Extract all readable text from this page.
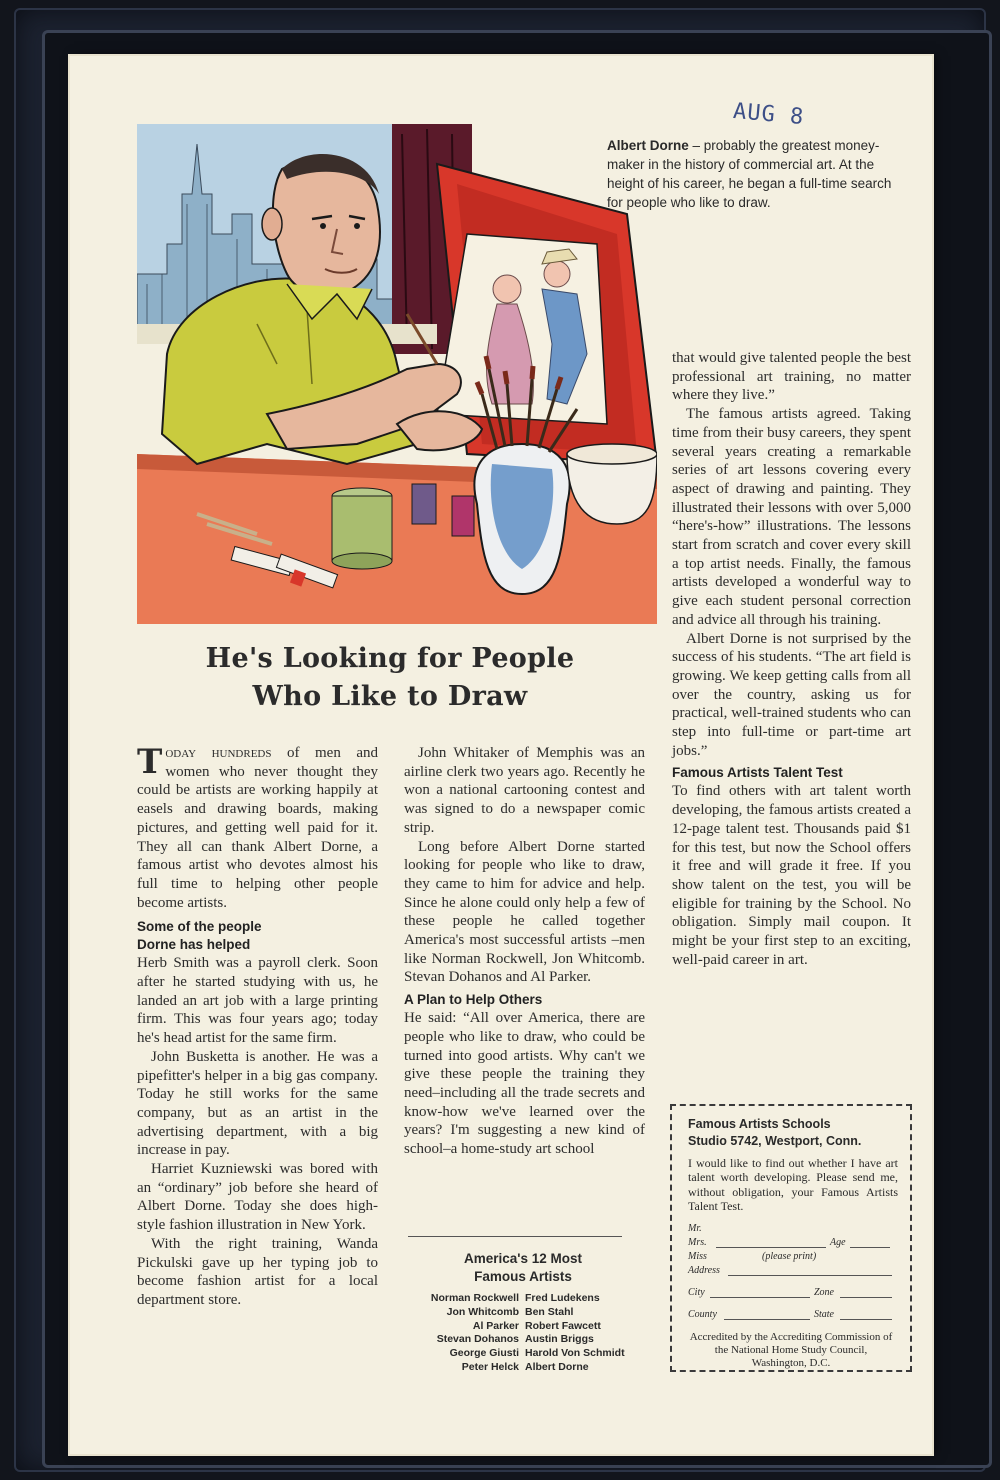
AUG 8
Albert Dorne – probably the greatest money-maker in the history of commercial art. At the height of his career, he began a full-time search for people who like to draw.
He's Looking for People
Who Like to Draw

Today hundreds of men and women who never thought they could be artists are working happily at easels and drawing boards, making pictures, and getting well paid for it. They all can thank Albert Dorne, a famous artist who devotes almost his full time to helping other people become artists.

Some of the people
Dorne has helped

Herb Smith was a payroll clerk. Soon after he started studying with us, he landed an art job with a large printing firm. This was four years ago; today he's head artist for the same firm.

John Busketta is another. He was a pipefitter's helper in a big gas company. Today he still works for the same company, but as an artist in the advertising department, with a big increase in pay.

Harriet Kuzniewski was bored with an “ordinary” job before she heard of Albert Dorne. Today she does high-style fashion illustration in New York.

With the right training, Wanda Pickulski gave up her typing job to become fashion artist for a local department store.

John Whitaker of Memphis was an airline clerk two years ago. Recently he won a national cartooning contest and was signed to do a newspaper comic strip.

Long before Albert Dorne started looking for people who like to draw, they came to him for advice and help. Since he alone could only help a few of these people he called together America's most successful artists –men like Norman Rockwell, Jon Whitcomb. Stevan Dohanos and Al Parker.

A Plan to Help Others

He said: “All over America, there are people who like to draw, who could be turned into good artists. Why can't we give these people the training they need–including all the trade secrets and know-how we've learned over the years? I'm suggesting a new kind of school–a home-study art school

America's 12 Most
Famous Artists
Norman Rockwell	Fred Ludekens
Jon Whitcomb	Ben Stahl
Al Parker	Robert Fawcett
Stevan Dohanos	Austin Briggs
George Giusti	Harold Von Schmidt
Peter Helck	Albert Dorne

that would give talented people the best professional art training, no matter where they live.”

The famous artists agreed. Taking time from their busy careers, they spent several years creating a remarkable series of art lessons covering every aspect of drawing and painting. They illustrated their lessons with over 5,000 “here's-how” illustrations. The lessons start from scratch and cover every skill a top artist needs. Finally, the famous artists developed a wonderful way to give each student personal correction and advice all through his training.

Albert Dorne is not surprised by the success of his students. “The art field is growing. We keep getting calls from all over the country, asking us for practical, well-trained students who can step into full-time or part-time art jobs.”

Famous Artists Talent Test

To find others with art talent worth developing, the famous artists created a 12-page talent test. Thousands paid $1 for this test, but now the School offers it free and will grade it free. If you show talent on the test, you will be eligible for training by the School. No obligation. Simply mail coupon. It might be your first step to an exciting, well-paid career in art.

Famous Artists Schools
Studio 5742, Westport, Conn.
I would like to find out whether I have art talent worth developing. Please send me, without obligation, your Famous Artists Talent Test.
Mr.
Mrs.	Age
Miss	(please print)
Address
City	Zone
County	State
Accredited by the Accrediting Commission of the National Home Study Council, Washington, D.C.
